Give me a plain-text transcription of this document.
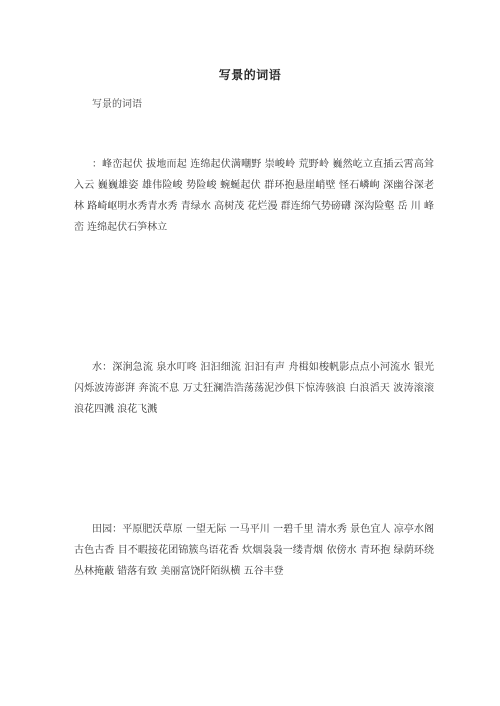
写景的词语
写景的词语

：峰峦起伏 拔地而起 连绵起伏满嘲野 崇峻岭 荒野岭 巍然屹立直插云霄高耸入云 巍巍雄姿 雄伟险峻 势险峻 蜿蜒起伏 群环抱悬崖峭壁 怪石嶙峋 深幽谷深老林 路崎岖明水秀青水秀 青绿水 高树茂 花烂漫 群连绵气势磅礴 深沟险壑 岳 川 峰 峦 连绵起伏石笋林立

水：深涧急流 泉水叮咚 汩汩细流 汩汩有声 舟楫如梭帆影点点小河流水 银光闪烁波涛澎湃 奔流不息 万丈狂澜浩浩荡荡泥沙俱下惊涛骇浪 白浪滔天 波涛滚滚 浪花四溅 浪花飞溅

田园：平原肥沃草原 一望无际 一马平川 一碧千里 清水秀 景色宜人 凉亭水阁 古色古香 目不暇接花团锦簇鸟语花香 炊烟袅袅一缕青烟 依傍水 青环抱 绿荫环绕 丛林掩蔽 错落有致 美丽富饶阡陌纵横 五谷丰登
